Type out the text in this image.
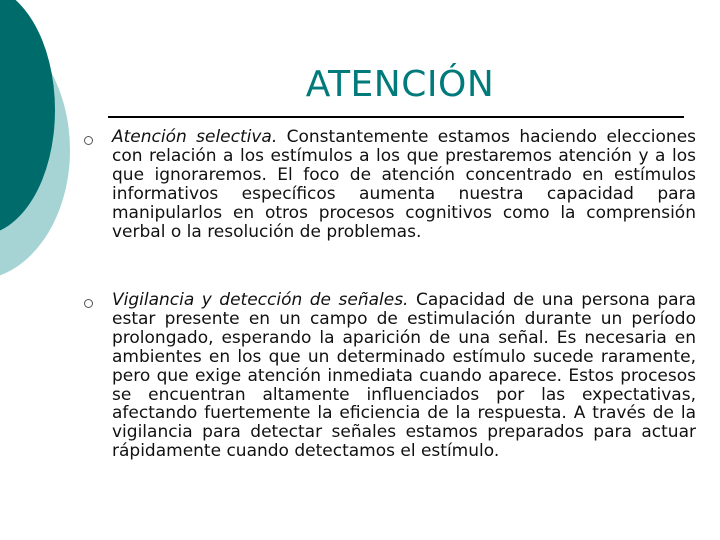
ATENCIÓN
Atención selectiva. Constantemente estamos haciendo elecciones con relación a los estímulos a los que prestaremos atención y a los que ignoraremos. El foco de atención concentrado en estímulos informativos específicos aumenta nuestra capacidad para manipularlos en otros procesos cognitivos como la comprensión verbal o la resolución de problemas.
Vigilancia y detección de señales. Capacidad de una persona para estar presente en un campo de estimulación durante un período prolongado, esperando la aparición de una señal. Es necesaria en ambientes en los que un determinado estímulo sucede raramente, pero que exige atención inmediata cuando aparece. Estos procesos se encuentran altamente influenciados por las expectativas, afectando fuertemente la eficiencia de la respuesta. A través de la vigilancia para detectar señales estamos preparados para actuar rápidamente cuando detectamos el estímulo.
